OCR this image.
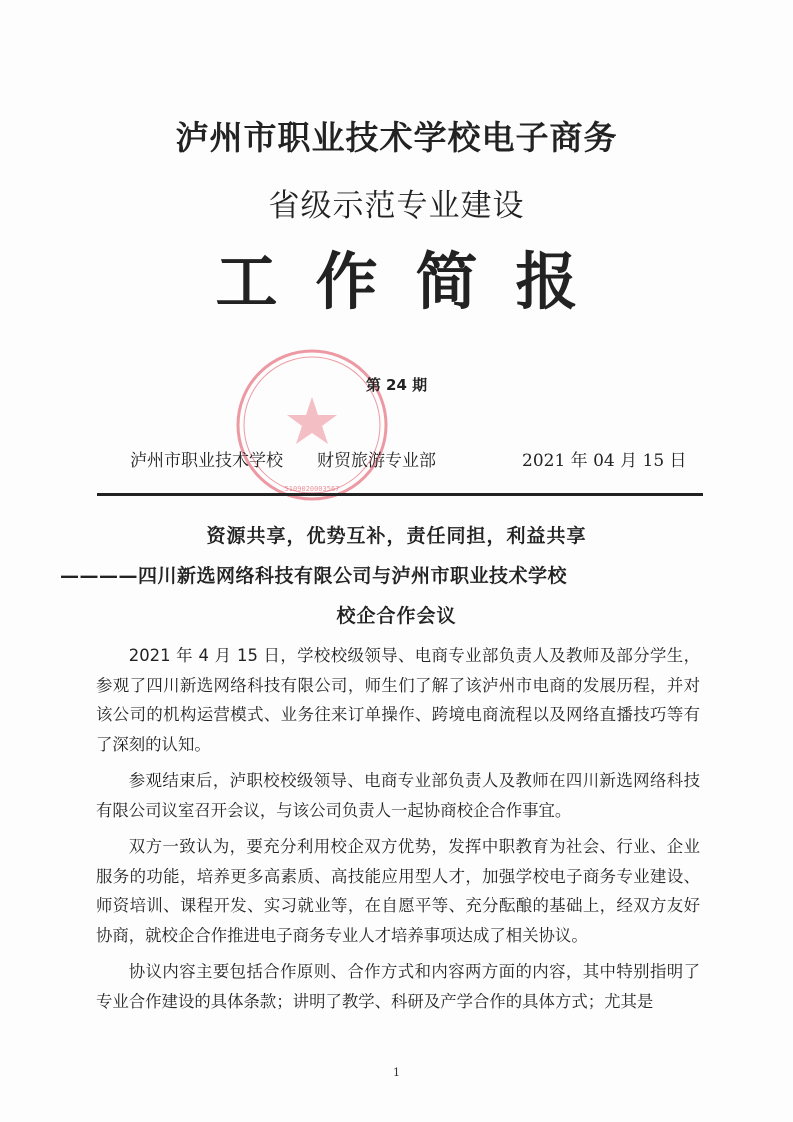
泸州市职业技术学校电子商务
省级示范专业建设
工作简报
5109020003567
第 24 期
泸州市职业技术学校 财贸旅游专业部	2021 年 04 月 15 日
资源共享，优势互补，责任同担，利益共享
————四川新选网络科技有限公司与泸州市职业技术学校
校企合作会议

2021 年 4 月 15 日，学校校级领导、电商专业部负责人及教师及部分学生，参观了四川新选网络科技有限公司，师生们了解了该泸州市电商的发展历程，并对该公司的机构运营模式、业务往来订单操作、跨境电商流程以及网络直播技巧等有了深刻的认知。

参观结束后，泸职校校级领导、电商专业部负责人及教师在四川新选网络科技有限公司议室召开会议，与该公司负责人一起协商校企合作事宜。

双方一致认为，要充分利用校企双方优势，发挥中职教育为社会、行业、企业服务的功能，培养更多高素质、高技能应用型人才，加强学校电子商务专业建设、师资培训、课程开发、实习就业等，在自愿平等、充分酝酿的基础上，经双方友好协商，就校企合作推进电子商务专业人才培养事项达成了相关协议。

协议内容主要包括合作原则、合作方式和内容两方面的内容，其中特别指明了专业合作建设的具体条款；讲明了教学、科研及产学合作的具体方式；尤其是

1
